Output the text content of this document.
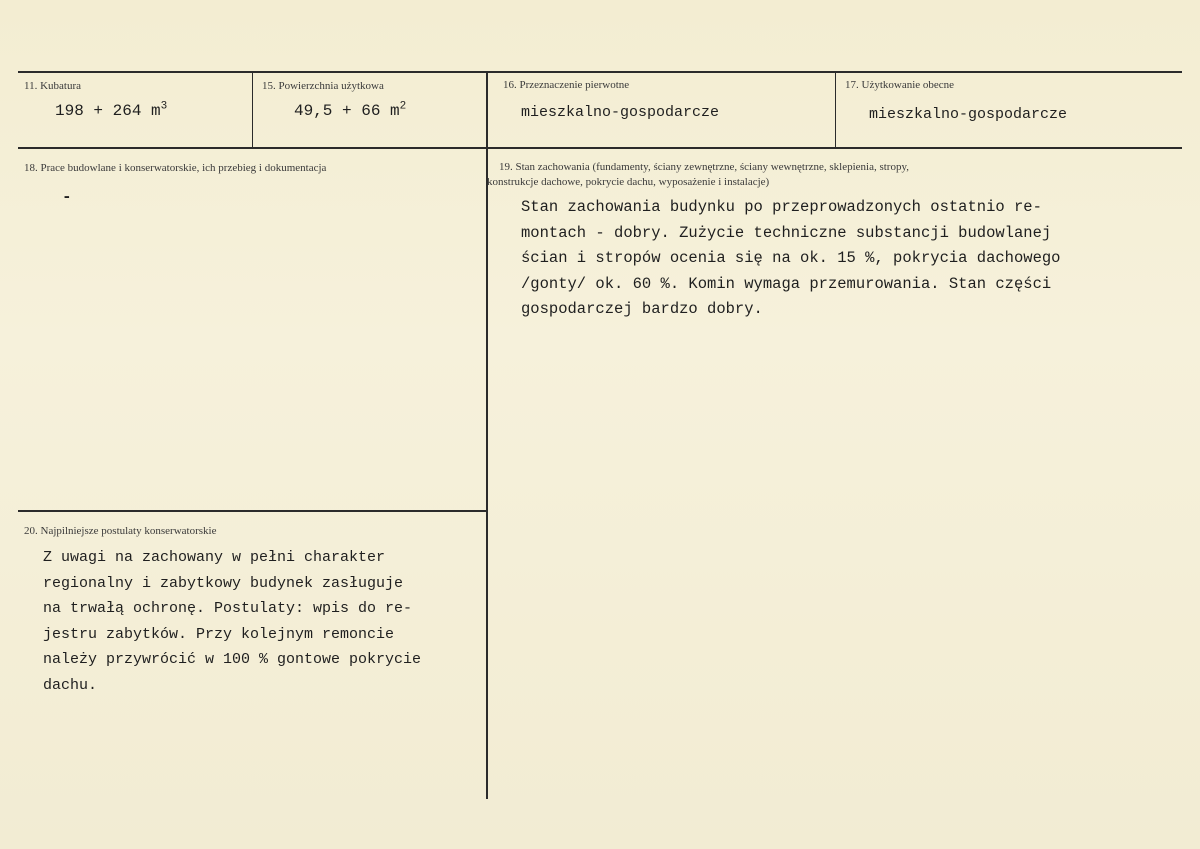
11. Kubatura
198 + 264 $m^3$
15. Powierzchnia użytkowa
49,5 + 66 $m^2$
16. Przeznaczenie pierwotne
mieszkalno-gospodarcze
17. Użytkowanie obecne
mieszkalno-gospodarcze
18. Prace budowlane i konserwatorskie, ich przebieg i dokumentacja
-
19. Stan zachowania (fundamenty, ściany zewnętrzne, ściany wewnętrzne, sklepienia, stropy,
konstrukcje dachowe, pokrycie dachu, wyposażenie i instalacje)
Stan zachowania budynku po przeprowadzonych ostatnio re-
montach - dobry. Zużycie techniczne substancji budowlanej
ścian i stropów ocenia się na ok. 15 %, pokrycia dachowego
/gonty/ ok. 60 %. Komin wymaga przemurowania. Stan części
gospodarczej bardzo dobry.
20. Najpilniejsze postulaty konserwatorskie
Z uwagi na zachowany w pełni charakter
regionalny i zabytkowy budynek zasługuje
na trwałą ochronę. Postulaty: wpis do re-
jestru zabytków. Przy kolejnym remoncie
należy przywrócić w 100 % gontowe pokrycie
dachu.
